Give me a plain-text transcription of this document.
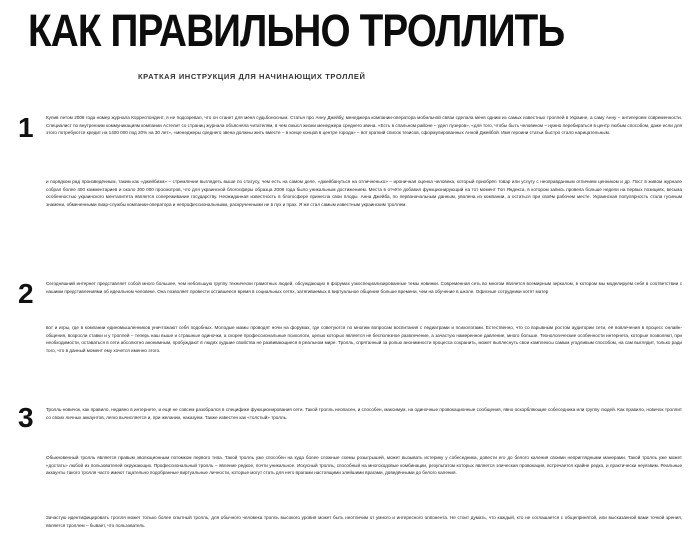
КАК ПРАВИЛЬНО ТРОЛЛИТЬ
КРАТКАЯ ИНСТРУКЦИЯ ДЛЯ НАЧИНАЮЩИХ ТРОЛЛЕЙ
1	Купив летом 2008 года номер журнала Корреспондент, я не подозревал, что он станет для меня судьбоносным. Статья про Анну Джейбу, менеджера компании-оператора мобильной связи сделала меня одним из самых известных троллей в Украине, а саму Анну – антигероем современности. Специалист по внутренним коммуникациям компании Астелит со страниц журнала объясняла читателям, в чем смысл жизни менеджера среднего звена. «Есть в спальном районе – удел лузеров», «для того, чтобы быть человеком – нужно перебираться в центр любым способом, даже если для этого потребуются кредит на 1400 000 под 20% на 30 лет», «менеджеры среднего звена должны жить вместе – в конце концов в центре города» – вот краткий список тезисов, сформулированных Анной Джейбой. Имя героини статьи быстро стало нарицательным.
и порядком рад произведённым, таким как «джейбизм» – стремление выглядеть выше по статусу, чем есть на самом деле, «джейбануться на отличненько» – ироничная оценка человека, который приобрёл товар или услугу с неоправданным отличием ценником и др. Пост в живом журнале собрал более 400 комментариев и около 300 000 просмотров, что для украинской блогосферы образца 2008 года было уникальным достижением. Места в отчёте добавил функционирующий на тот момент Топ Яндекса, в котором запись провела больше недели на первых позициях, весьма особенностью украинского менталитета является сопереживание государству. Неожиданная известность в блогосфере принесла свои плоды. Анна Джейба, по первоначальным данным, уволена из компании, а остаться при своём рабочем месте. Украинская популярность стала гусиным знамени, обмененными пиар-службы компании-оператора и непрофессиональными, раскрученными не в пух и прах. Я же стал самым известным украинским троллем.
2	Сегодняшний интернет представляет собой много большее, чем небольшую группу технически грамотных людей, обсуждающих в форумах узкоспециализированные темы новинки. Современная сеть во многом является всемирным зеркалом, в котором мы моделируем себя в соответствии с нашими представлениями об идеальном человеке. Она позволяет провести оставшееся время в социальных сетях, затягиваемых в виртуальное общение больше времени, чем на обучение в школе. Офисные сотрудники хотят матер
вот и игры, где в компании единомышленников уничтожают себя подобных. Молодые мамы проводят ночи на форумах, где советуются по многим вопросам воспитания с педиатрами и психологами. Естественно, что со взрывным ростом аудитории сети, её вовлечения в процесс онлайн-общения, возросли ставки и у троллей – теперь наш выше и страшные одиночки, а скорее профессиональные психологи, целью которых является не бесполезное развлечение, а зачастую намеренное давление, много больше. Технологические особенности интернета, которые позволяют, при необходимости, оставаться в сети абсолютно анонимным, пробуждают в людях худшие свойства не развивающиеся в реальном мире. Тролль, спрятанный за ролью анонимности процесса сохранить, может выплеснуть свои комплексы самым угодливым способом, на сам выглядит, только ради того, что в данный момент ему хочется именно этого.
3	Тролль-новичок, как правило, недавно в интернете, и ещё не совсем разобрался в специфике функционирования сети. Такой тролль неопасен, и способен, максимум, на одиночные провокационные сообщения, явно оскорбляющие собеседника или группу людей. Как правило, новичок троллит со своих личных аккаунтов, легко вычисляется и, при желании, наказуем. Также известен как «толстый» тролль.
Обыкновенный тролль является правым эволюционным потомком первого типа. Такой тролль уже способен на куда более сложные схемы розыгрышей, может вызывать истерику у собеседника, довести его до белого каления своими неприглядными манерами. Такой тролль уже может «достать» любой из пользователей окружающих. Профессиональный тролль – явление редкое, почти уникальное. Искусный тролль, способный на многоходовые комбинации, результатом которых является эпическая провокация, встречается крайне редко, и практически неуязвим. Реальные аккаунты такого тролля часто имеют тщательно подобранные виртуальные личности, которые могут стать для него врагами настоящими злейшими врагами, доведёнными до белого каления.
Зачастую идентифицировать тролля может только более опытный тролль, для обычного человека тролль высокого уровня может быть неотличим от умного и интересного оппонента. Не стоит думать, что каждый, кто не соглашается с общепринятой, или высказанной вами точкой зрения, является троллем – бывает, что пользователь
